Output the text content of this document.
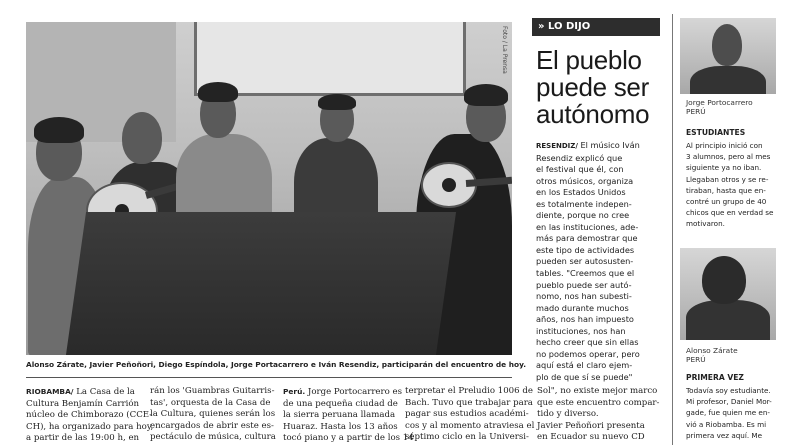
Foto / La Prensa
Alonso Zárate, Javier Peñoñori, Diego Espíndola, Jorge Portacarrero e Iván Resendiz, participarán del encuentro de hoy.

RIOBAMBA/ La Casa de la

Cultura Benjamín Carrión

núcleo de Chimborazo (CCE-

CH), ha organizado para hoy,

a partir de las 19:00 h, en

rán los 'Guambras Guitarris-

tas', orquesta de la Casa de

la Cultura, quienes serán los

encargados de abrir este es-

pectáculo de música, cultura

Perú. Jorge Portocarrero es

de una pequeña ciudad de

la sierra peruana llamada

Huaraz. Hasta los 13 años

tocó piano y a partir de los 14

terpretar el Preludio 1006 de

Bach. Tuvo que trabajar para

pagar sus estudios académi-

cos y al momento atraviesa el

séptimo ciclo en la Universi-

Sol", no existe mejor marco

que este encuentro compar-

tido y diverso.

Javier Peñoñori presenta

en Ecuador su nuevo CD

» LO DIJO
El pueblo
puede ser
autónomo

RESENDIZ/ El músico Iván

Resendiz explicó que

el festival que él, con

otros músicos, organiza

en los Estados Unidos

es totalmente indepen-

diente, porque no cree

en las instituciones, ade-

más para demostrar que

este tipo de actividades

pueden ser autosusten-

tables. "Creemos que el

pueblo puede ser autó-

nomo, nos han subesti-

mado durante muchos

años, nos han impuesto

instituciones, nos han

hecho creer que sin ellas

no podemos operar, pero

aquí está el claro ejem-

plo de que sí se puede"

Jorge Portocarrero
PERÚ
ESTUDIANTES

Al principio inició con

3 alumnos, pero al mes

siguiente ya no iban.

Llegaban otros y se re-

tiraban, hasta que en-

contré un grupo de 40

chicos que en verdad se

motivaron.

Alonso Zárate
PERÚ
PRIMERA VEZ

Todavía soy estudiante.

Mi profesor, Daniel Mor-

gade, fue quien me en-

vió a Riobamba. Es mi

primera vez aquí. Me
